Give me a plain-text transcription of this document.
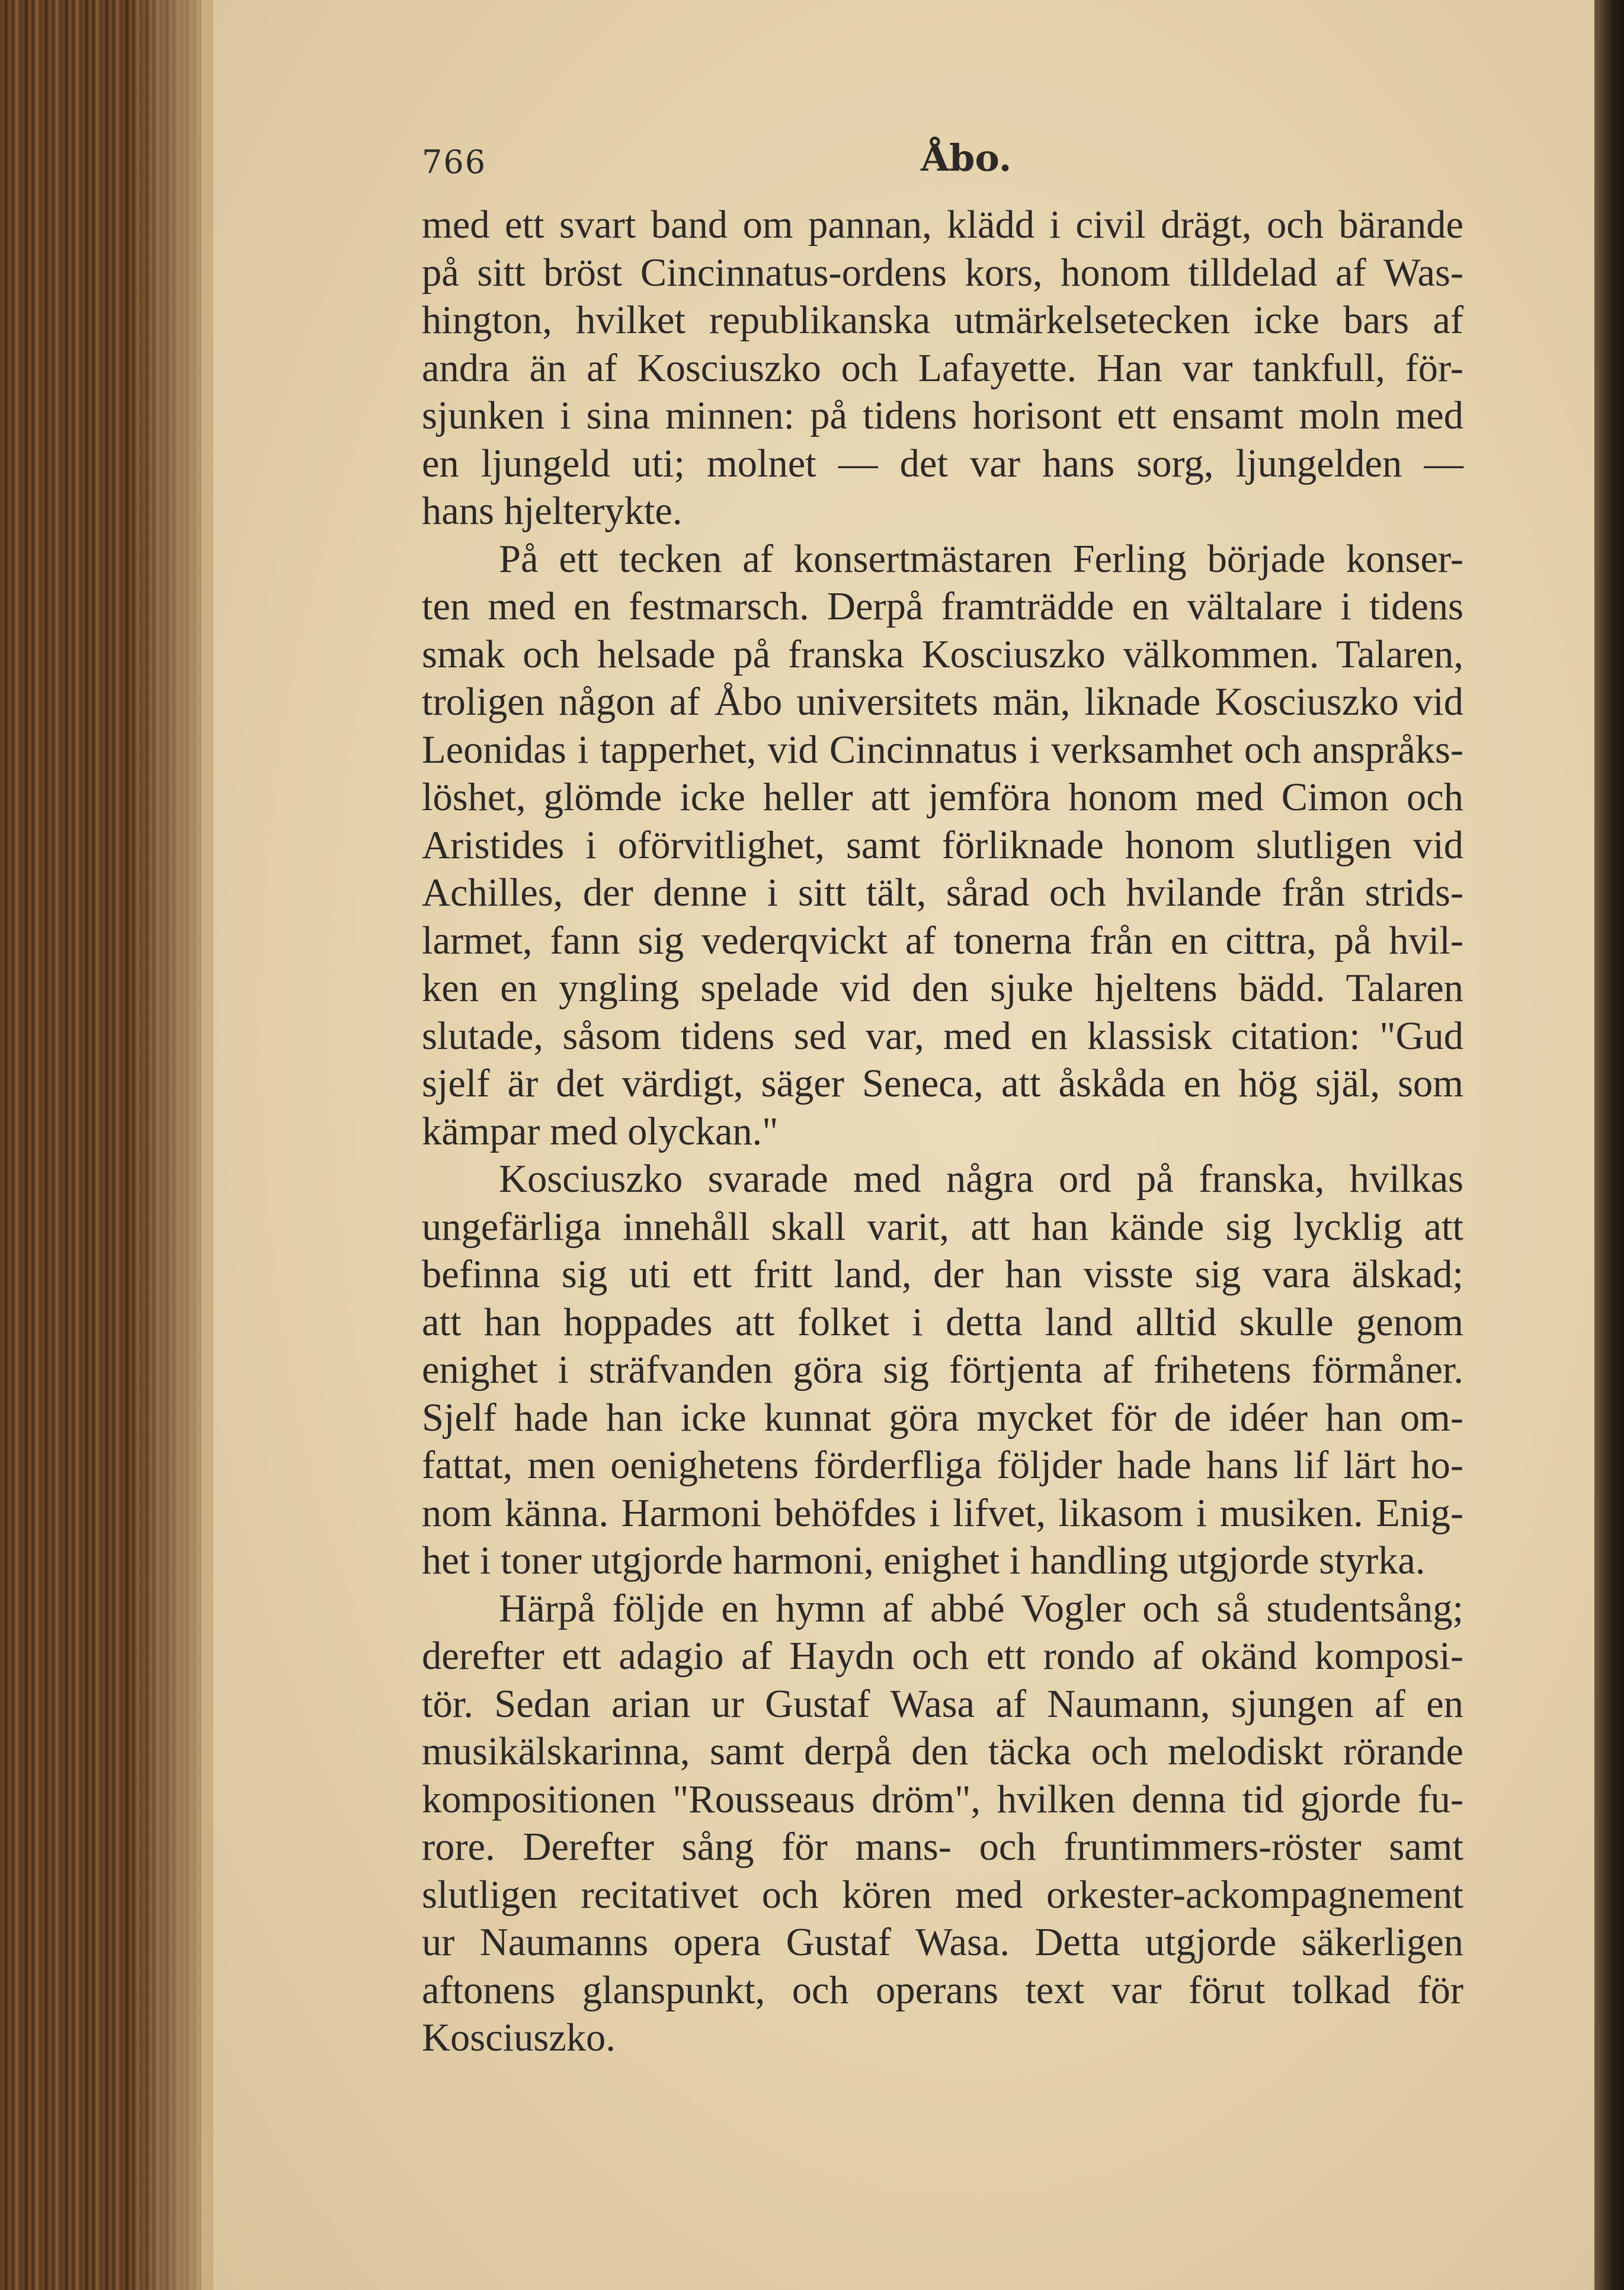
766	Åbo.
med ett svart band om pannan, klädd i civil drägt, och bärande
på sitt bröst Cincinnatus-ordens kors, honom tilldelad af Was-
hington, hvilket republikanska utmärkelsetecken icke bars af
andra än af Kosciuszko och Lafayette. Han var tankfull, för-
sjunken i sina minnen: på tidens horisont ett ensamt moln med
en ljungeld uti; molnet — det var hans sorg, ljungelden —
hans hjelterykte.
På ett tecken af konsertmästaren Ferling började konser-
ten med en festmarsch. Derpå framträdde en vältalare i tidens
smak och helsade på franska Kosciuszko välkommen. Talaren,
troligen någon af Åbo universitets män, liknade Kosciuszko vid
Leonidas i tapperhet, vid Cincinnatus i verksamhet och anspråks-
löshet, glömde icke heller att jemföra honom med Cimon och
Aristides i oförvitlighet, samt förliknade honom slutligen vid
Achilles, der denne i sitt tält, sårad och hvilande från strids-
larmet, fann sig vederqvickt af tonerna från en cittra, på hvil-
ken en yngling spelade vid den sjuke hjeltens bädd. Talaren
slutade, såsom tidens sed var, med en klassisk citation: "Gud
sjelf är det värdigt, säger Seneca, att åskåda en hög själ, som
kämpar med olyckan."
Kosciuszko svarade med några ord på franska, hvilkas
ungefärliga innehåll skall varit, att han kände sig lycklig att
befinna sig uti ett fritt land, der han visste sig vara älskad;
att han hoppades att folket i detta land alltid skulle genom
enighet i sträfvanden göra sig förtjenta af frihetens förmåner.
Sjelf hade han icke kunnat göra mycket för de idéer han om-
fattat, men oenighetens förderfliga följder hade hans lif lärt ho-
nom känna. Harmoni behöfdes i lifvet, likasom i musiken. Enig-
het i toner utgjorde harmoni, enighet i handling utgjorde styrka.
Härpå följde en hymn af abbé Vogler och så studentsång;
derefter ett adagio af Haydn och ett rondo af okänd komposi-
tör. Sedan arian ur Gustaf Wasa af Naumann, sjungen af en
musikälskarinna, samt derpå den täcka och melodiskt rörande
kompositionen "Rousseaus dröm", hvilken denna tid gjorde fu-
rore. Derefter sång för mans- och fruntimmers-röster samt
slutligen recitativet och kören med orkester-ackompagnement
ur Naumanns opera Gustaf Wasa. Detta utgjorde säkerligen
aftonens glanspunkt, och operans text var förut tolkad för
Kosciuszko.
